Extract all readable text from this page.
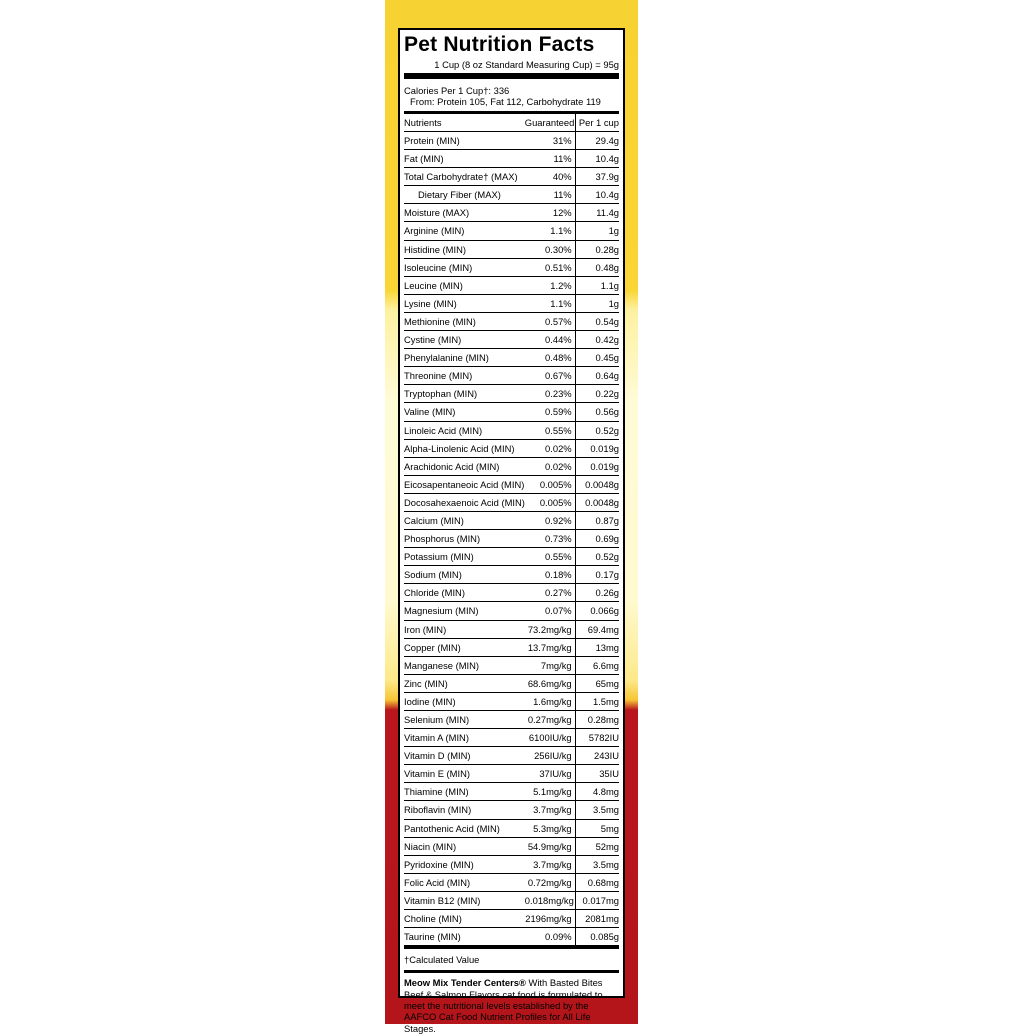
Pet Nutrition Facts
1 Cup (8 oz Standard Measuring Cup) = 95g
Calories Per 1 Cup†: 336
From: Protein 105, Fat 112, Carbohydrate 119
Nutrients	Guaranteed Per 1 cup
Protein (MIN)	31%	29.4g
Fat (MIN)	11%	10.4g
Total Carbohydrate† (MAX)	40%	37.9g
Dietary Fiber (MAX)	11%	10.4g
Moisture (MAX)	12%	11.4g
Arginine (MIN)	1.1%	1g
Histidine (MIN)	0.30%	0.28g
Isoleucine (MIN)	0.51%	0.48g
Leucine (MIN)	1.2%	1.1g
Lysine (MIN)	1.1%	1g
Methionine (MIN)	0.57%	0.54g
Cystine (MIN)	0.44%	0.42g
Phenylalanine (MIN)	0.48%	0.45g
Threonine (MIN)	0.67%	0.64g
Tryptophan (MIN)	0.23%	0.22g
Valine (MIN)	0.59%	0.56g
Linoleic Acid (MIN)	0.55%	0.52g
Alpha-Linolenic Acid (MIN)	0.02%	0.019g
Arachidonic Acid (MIN)	0.02%	0.019g
Eicosapentaneoic Acid (MIN)	0.005%	0.0048g
Docosahexaenoic Acid (MIN)	0.005%	0.0048g
Calcium (MIN)	0.92%	0.87g
Phosphorus (MIN)	0.73%	0.69g
Potassium (MIN)	0.55%	0.52g
Sodium (MIN)	0.18%	0.17g
Chloride (MIN)	0.27%	0.26g
Magnesium (MIN)	0.07%	0.066g
Iron (MIN)	73.2mg/kg	69.4mg
Copper (MIN)	13.7mg/kg	13mg
Manganese (MIN)	7mg/kg	6.6mg
Zinc (MIN)	68.6mg/kg	65mg
Iodine (MIN)	1.6mg/kg	1.5mg
Selenium (MIN)	0.27mg/kg	0.28mg
Vitamin A (MIN)	6100IU/kg	5782IU
Vitamin D (MIN)	256IU/kg	243IU
Vitamin E (MIN)	37IU/kg	35IU
Thiamine (MIN)	5.1mg/kg	4.8mg
Riboflavin (MIN)	3.7mg/kg	3.5mg
Pantothenic Acid (MIN)	5.3mg/kg	5mg
Niacin (MIN)	54.9mg/kg	52mg
Pyridoxine (MIN)	3.7mg/kg	3.5mg
Folic Acid (MIN)	0.72mg/kg	0.68mg
Vitamin B12 (MIN)	0.018mg/kg 0.017mg
Choline (MIN)	2196mg/kg	2081mg
Taurine (MIN)	0.09%	0.085g
†Calculated Value
Meow Mix Tender Centers® With Basted Bites Beef & Salmon Flavors cat food is formulated to meet the nutritional levels established by the AAFCO Cat Food Nutrient Profiles for All Life Stages.
